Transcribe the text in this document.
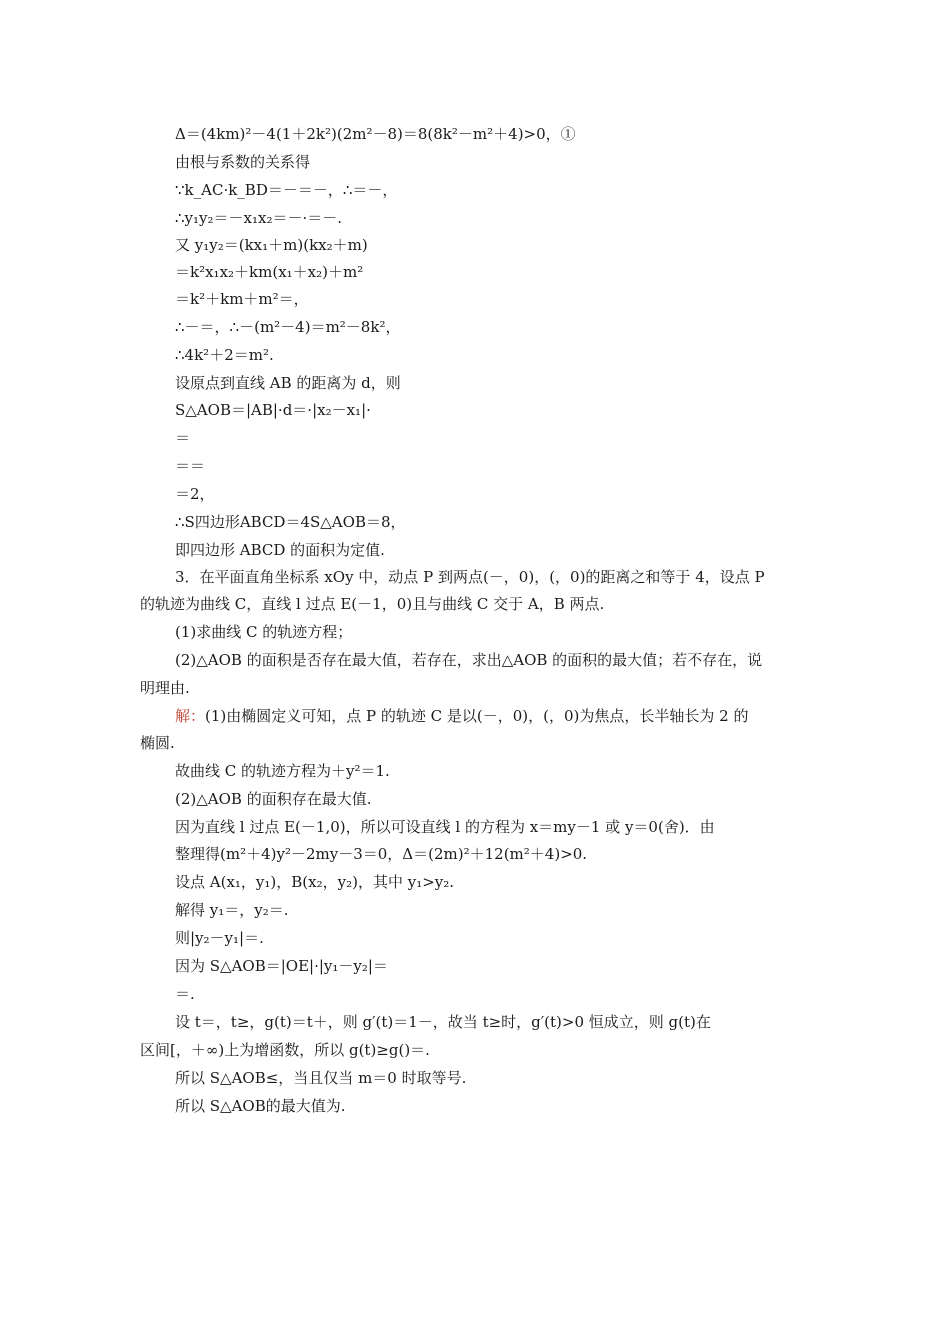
Δ＝(4km)²－4(1＋2k²)(2m²－8)＝8(8k²－m²＋4)>0，①
由根与系数的关系得
∵k_AC·k_BD＝－＝－，∴＝－，
∴y₁y₂＝－x₁x₂＝－·＝－.
又 y₁y₂＝(kx₁＋m)(kx₂＋m)
＝k²x₁x₂＋km(x₁＋x₂)＋m²
＝k²＋km＋m²＝，
∴－＝，∴－(m²－4)＝m²－8k²，
∴4k²＋2＝m².
设原点到直线 AB 的距离为 d，则
S△AOB＝|AB|·d＝·|x₂－x₁|·
＝
＝＝
＝2，
∴S四边形ABCD＝4S△AOB＝8，
即四边形 ABCD 的面积为定值.
3．在平面直角坐标系 xOy 中，动点 P 到两点(－，0)，(，0)的距离之和等于 4，设点 P
的轨迹为曲线 C，直线 l 过点 E(－1，0)且与曲线 C 交于 A，B 两点.
(1)求曲线 C 的轨迹方程；
(2)△AOB 的面积是否存在最大值，若存在，求出△AOB 的面积的最大值；若不存在，说
明理由.
解：(1)由椭圆定义可知，点 P 的轨迹 C 是以(－，0)，(，0)为焦点，长半轴长为 2 的
椭圆.
故曲线 C 的轨迹方程为＋y²＝1.
(2)△AOB 的面积存在最大值.
因为直线 l 过点 E(－1,0)，所以可设直线 l 的方程为 x＝my－1 或 y＝0(舍)．由
整理得(m²＋4)y²－2my－3＝0，Δ＝(2m)²＋12(m²＋4)>0.
设点 A(x₁，y₁)，B(x₂，y₂)，其中 y₁>y₂.
解得 y₁＝，y₂＝.
则|y₂－y₁|＝.
因为 S△AOB＝|OE|·|y₁－y₂|＝
＝.
设 t＝，t≥，g(t)＝t＋，则 g′(t)＝1－，故当 t≥时，g′(t)>0 恒成立，则 g(t)在
区间[，＋∞)上为增函数，所以 g(t)≥g()＝.
所以 S△AOB≤，当且仅当 m＝0 时取等号.
所以 S△AOB的最大值为.
